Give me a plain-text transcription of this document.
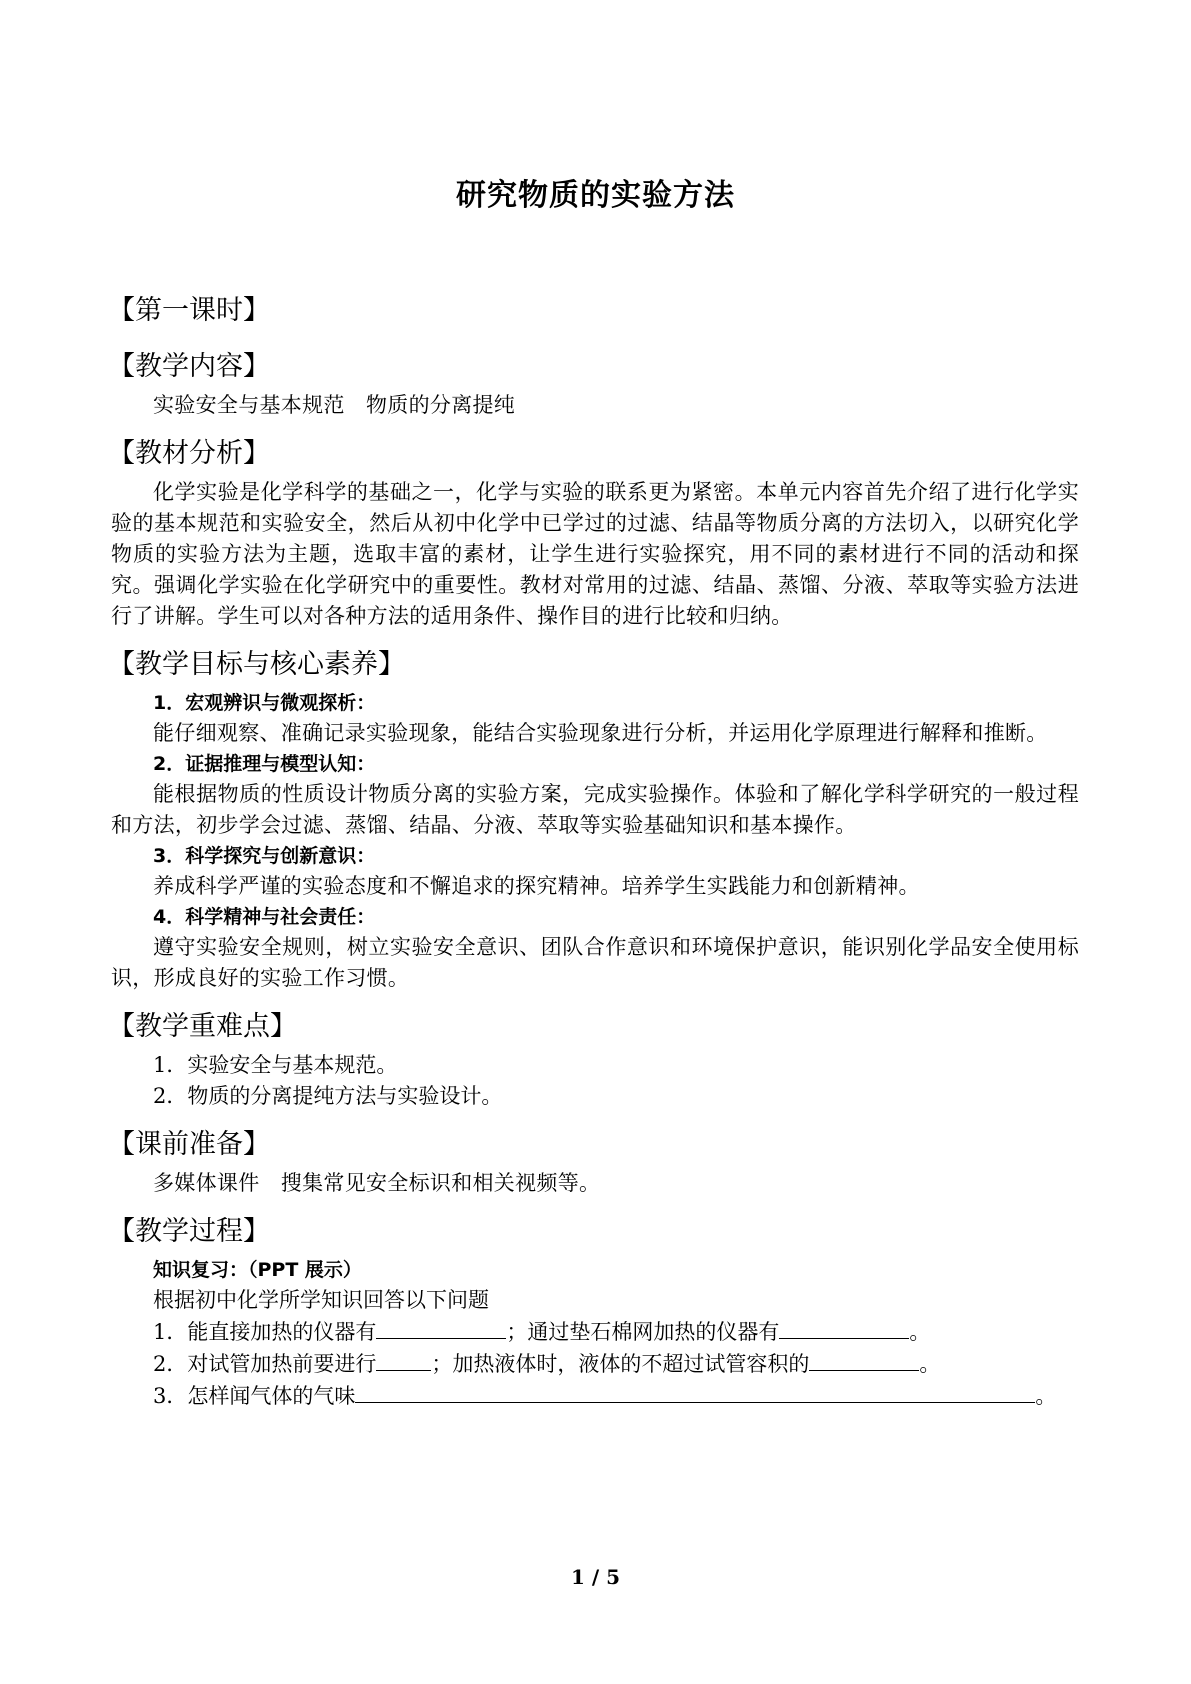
研究物质的实验方法
【第一课时】
【教学内容】

实验安全与基本规范　物质的分离提纯

【教材分析】

化学实验是化学科学的基础之一，化学与实验的联系更为紧密。本单元内容首先介绍了进行化学实验的基本规范和实验安全，然后从初中化学中已学过的过滤、结晶等物质分离的方法切入，以研究化学物质的实验方法为主题，选取丰富的素材，让学生进行实验探究，用不同的素材进行不同的活动和探究。强调化学实验在化学研究中的重要性。教材对常用的过滤、结晶、蒸馏、分液、萃取等实验方法进行了讲解。学生可以对各种方法的适用条件、操作目的进行比较和归纳。

【教学目标与核心素养】
1．宏观辨识与微观探析：

能仔细观察、准确记录实验现象，能结合实验现象进行分析，并运用化学原理进行解释和推断。

2．证据推理与模型认知：

能根据物质的性质设计物质分离的实验方案，完成实验操作。体验和了解化学科学研究的一般过程和方法，初步学会过滤、蒸馏、结晶、分液、萃取等实验基础知识和基本操作。

3．科学探究与创新意识：

养成科学严谨的实验态度和不懈追求的探究精神。培养学生实践能力和创新精神。

4．科学精神与社会责任：

遵守实验安全规则，树立实验安全意识、团队合作意识和环境保护意识，能识别化学品安全使用标识，形成良好的实验工作习惯。

【教学重难点】
1．实验安全与基本规范。
2．物质的分离提纯方法与实验设计。
【课前准备】

多媒体课件　搜集常见安全标识和相关视频等。

【教学过程】
知识复习：（PPT 展示）
根据初中化学所学知识回答以下问题
1．能直接加热的仪器有	；通过垫石棉网加热的仪器有	。
2．对试管加热前要进行	；加热液体时，液体的不超过试管容积的	。
3．怎样闻气体的气味	。
1 / 5
